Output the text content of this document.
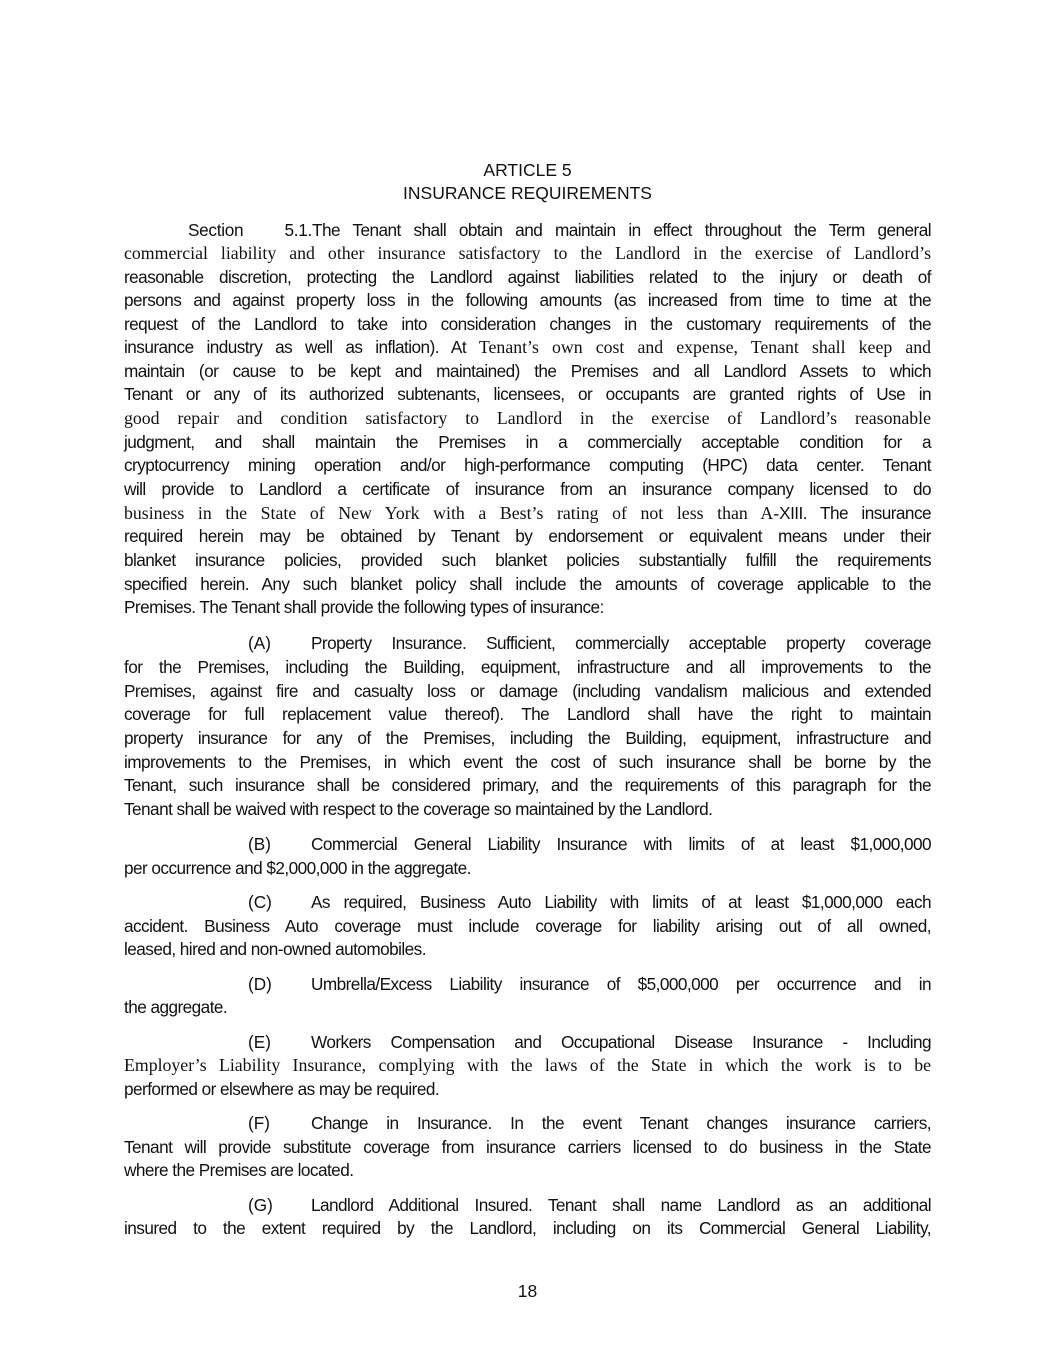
ARTICLE 5
INSURANCE REQUIREMENTS
Section 5.1.The Tenant shall obtain and maintain in effect throughout the Term general
commercial liability and other insurance satisfactory to the Landlord in the exercise of Landlord’s
reasonable discretion, protecting the Landlord against liabilities related to the injury or death of
persons and against property loss in the following amounts (as increased from time to time at the
request of the Landlord to take into consideration changes in the customary requirements of the
insurance industry as well as inflation). At Tenant’s own cost and expense, Tenant shall keep and
maintain (or cause to be kept and maintained) the Premises and all Landlord Assets to which
Tenant or any of its authorized subtenants, licensees, or occupants are granted rights of Use in
good repair and condition satisfactory to Landlord in the exercise of Landlord’s reasonable
judgment, and shall maintain the Premises in a commercially acceptable condition for a
cryptocurrency mining operation and/or high-performance computing (HPC) data center. Tenant
will provide to Landlord a certificate of insurance from an insurance company licensed to do
business in the State of New York with a Best’s rating of not less than A-XIII. The insurance
required herein may be obtained by Tenant by endorsement or equivalent means under their
blanket insurance policies, provided such blanket policies substantially fulfill the requirements
specified herein. Any such blanket policy shall include the amounts of coverage applicable to the
Premises. The Tenant shall provide the following types of insurance:
(A) Property Insurance. Sufficient, commercially acceptable property coverage
for the Premises, including the Building, equipment, infrastructure and all improvements to the
Premises, against fire and casualty loss or damage (including vandalism malicious and extended
coverage for full replacement value thereof). The Landlord shall have the right to maintain
property insurance for any of the Premises, including the Building, equipment, infrastructure and
improvements to the Premises, in which event the cost of such insurance shall be borne by the
Tenant, such insurance shall be considered primary, and the requirements of this paragraph for the
Tenant shall be waived with respect to the coverage so maintained by the Landlord.
(B) Commercial General Liability Insurance with limits of at least $1,000,000
per occurrence and $2,000,000 in the aggregate.
(C) As required, Business Auto Liability with limits of at least $1,000,000 each
accident. Business Auto coverage must include coverage for liability arising out of all owned,
leased, hired and non-owned automobiles.
(D) Umbrella/Excess Liability insurance of $5,000,000 per occurrence and in
the aggregate.
(E) Workers Compensation and Occupational Disease Insurance - Including
Employer’s Liability Insurance, complying with the laws of the State in which the work is to be
performed or elsewhere as may be required.
(F) Change in Insurance. In the event Tenant changes insurance carriers,
Tenant will provide substitute coverage from insurance carriers licensed to do business in the State
where the Premises are located.
(G) Landlord Additional Insured. Tenant shall name Landlord as an additional
insured to the extent required by the Landlord, including on its Commercial General Liability,
18
